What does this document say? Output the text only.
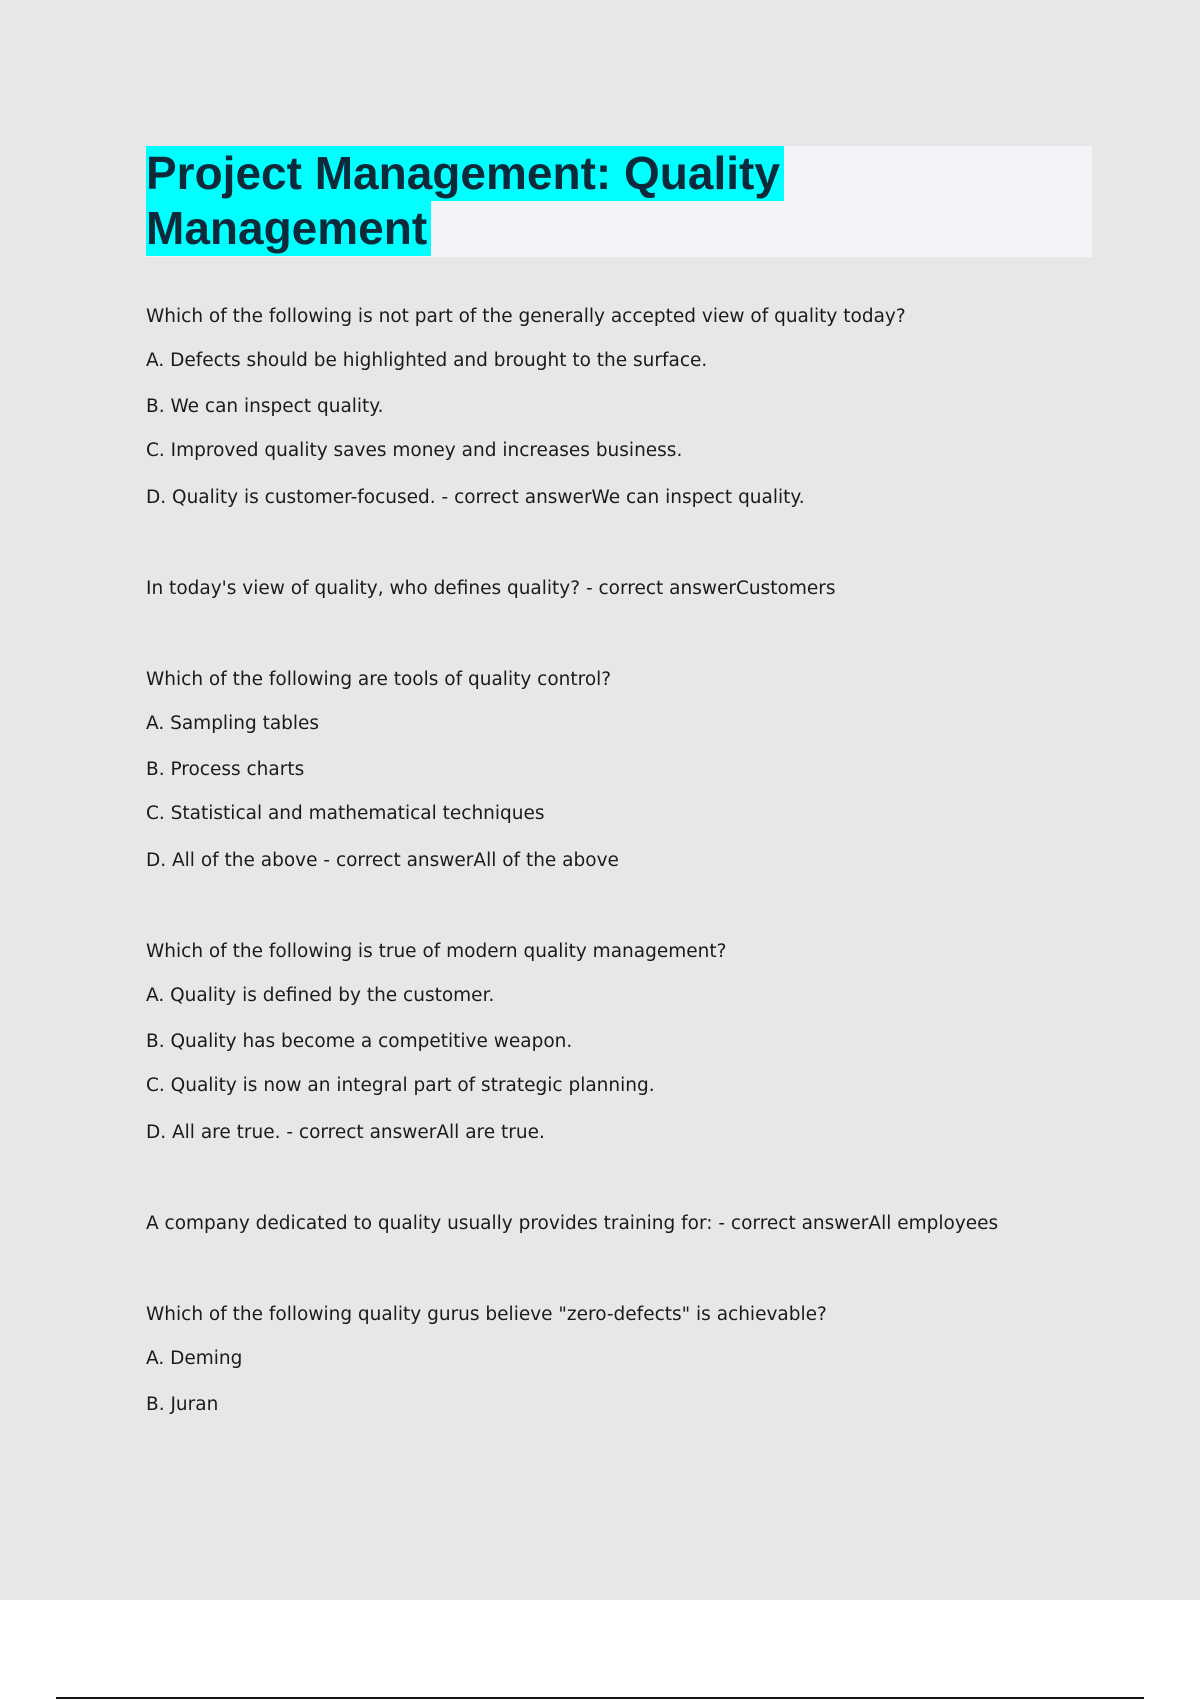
Project Management: Quality
Management

Which of the following is not part of the generally accepted view of quality today?

A. Defects should be highlighted and brought to the surface.

B. We can inspect quality.

C. Improved quality saves money and increases business.

D. Quality is customer-focused. - correct answerWe can inspect quality.

In today's view of quality, who defines quality? - correct answerCustomers

Which of the following are tools of quality control?

A. Sampling tables

B. Process charts

C. Statistical and mathematical techniques

D. All of the above - correct answerAll of the above

Which of the following is true of modern quality management?

A. Quality is defined by the customer.

B. Quality has become a competitive weapon.

C. Quality is now an integral part of strategic planning.

D. All are true. - correct answerAll are true.

A company dedicated to quality usually provides training for: - correct answerAll employees

Which of the following quality gurus believe "zero-defects" is achievable?

A. Deming

B. Juran
